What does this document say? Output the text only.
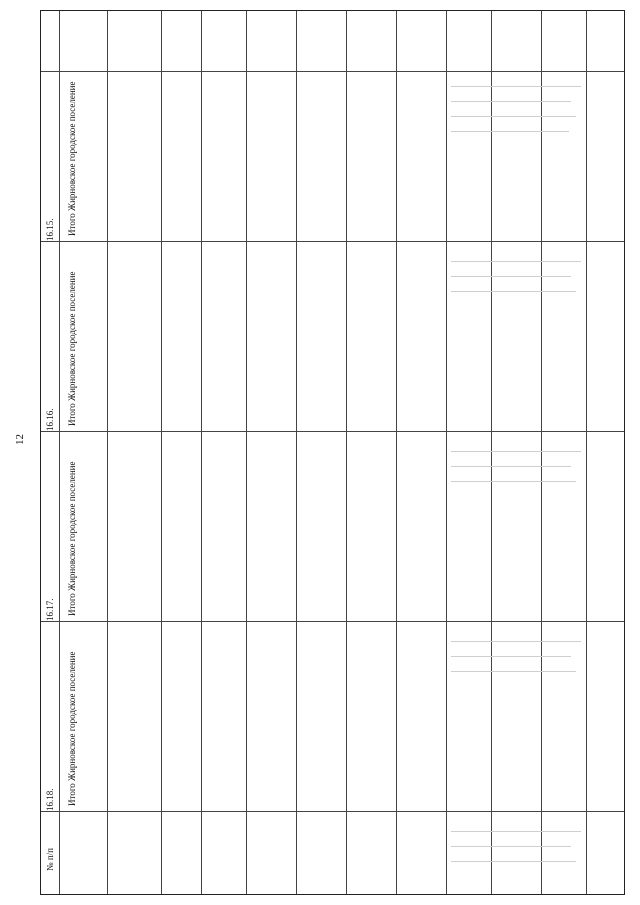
12
№ п/п
16.15.
16.16.
16.17.
16.18.
Итого Жирновское городское поселение
Итого Жирновское городское поселение
Итого Жирновское городское поселение
Итого Жирновское городское поселение
